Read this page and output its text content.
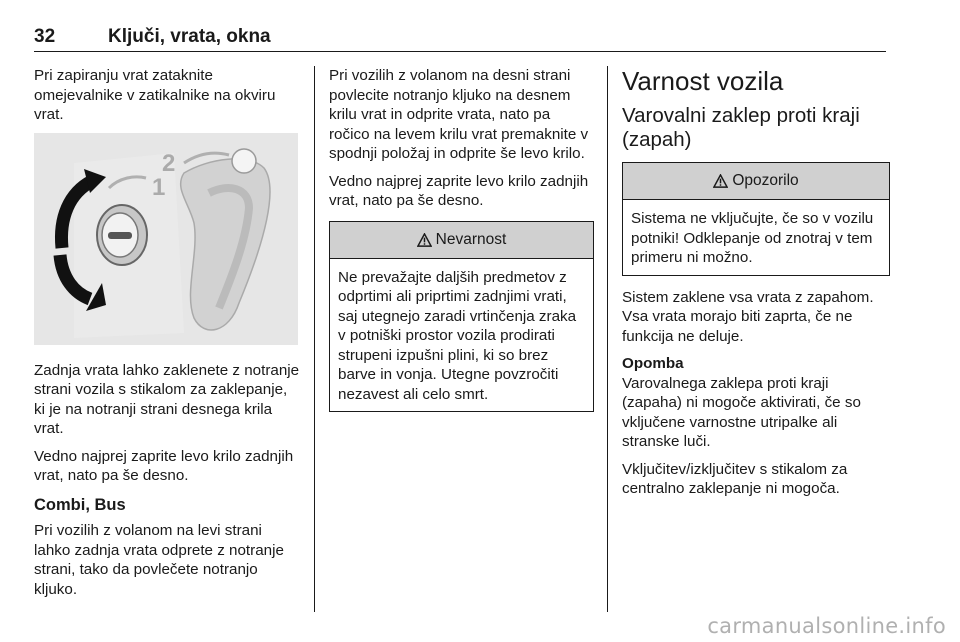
32	Ključi, vrata, okna

Pri zapiranju vrat zataknite omejevalnike v zatikalnike na okviru vrat.

1
2

Zadnja vrata lahko zaklenete z notranje strani vozila s stikalom za zaklepanje, ki je na notranji strani desnega krila vrat.

Vedno najprej zaprite levo krilo zadnjih vrat, nato pa še desno.

Combi, Bus

Pri vozilih z volanom na levi strani lahko zadnja vrata odprete z notranje strani, tako da povlečete notranjo kljuko.

Pri vozilih z volanom na desni strani povlecite notranjo kljuko na desnem krilu vrat in odprite vrata, nato pa ročico na levem krilu vrat premaknite v spodnji položaj in odprite še levo krilo.

Vedno najprej zaprite levo krilo zadnjih vrat, nato pa še desno.

Nevarnost
Ne prevažajte daljših predmetov z odprtimi ali priprtimi zadnjimi vrati, saj utegnejo zaradi vrtinčenja zraka v potniški prostor vozila prodirati strupeni izpušni plini, ki so brez barve in vonja. Utegne povzročiti nezavest ali celo smrt.
Varnost vozila
Varovalni zaklep proti kraji (zapah)
Opozorilo
Sistema ne vključujte, če so v vozilu potniki! Odklepanje od znotraj v tem primeru ni možno.

Sistem zaklene vsa vrata z zapahom. Vsa vrata morajo biti zaprta, če ne funkcija ne deluje.

Opomba
Varovalnega zaklepa proti kraji (zapaha) ni mogoče aktivirati, če so vključene varnostne utripalke ali stranske luči.

Vključitev/izključitev s stikalom za centralno zaklepanje ni mogoča.

carmanualsonline.info
